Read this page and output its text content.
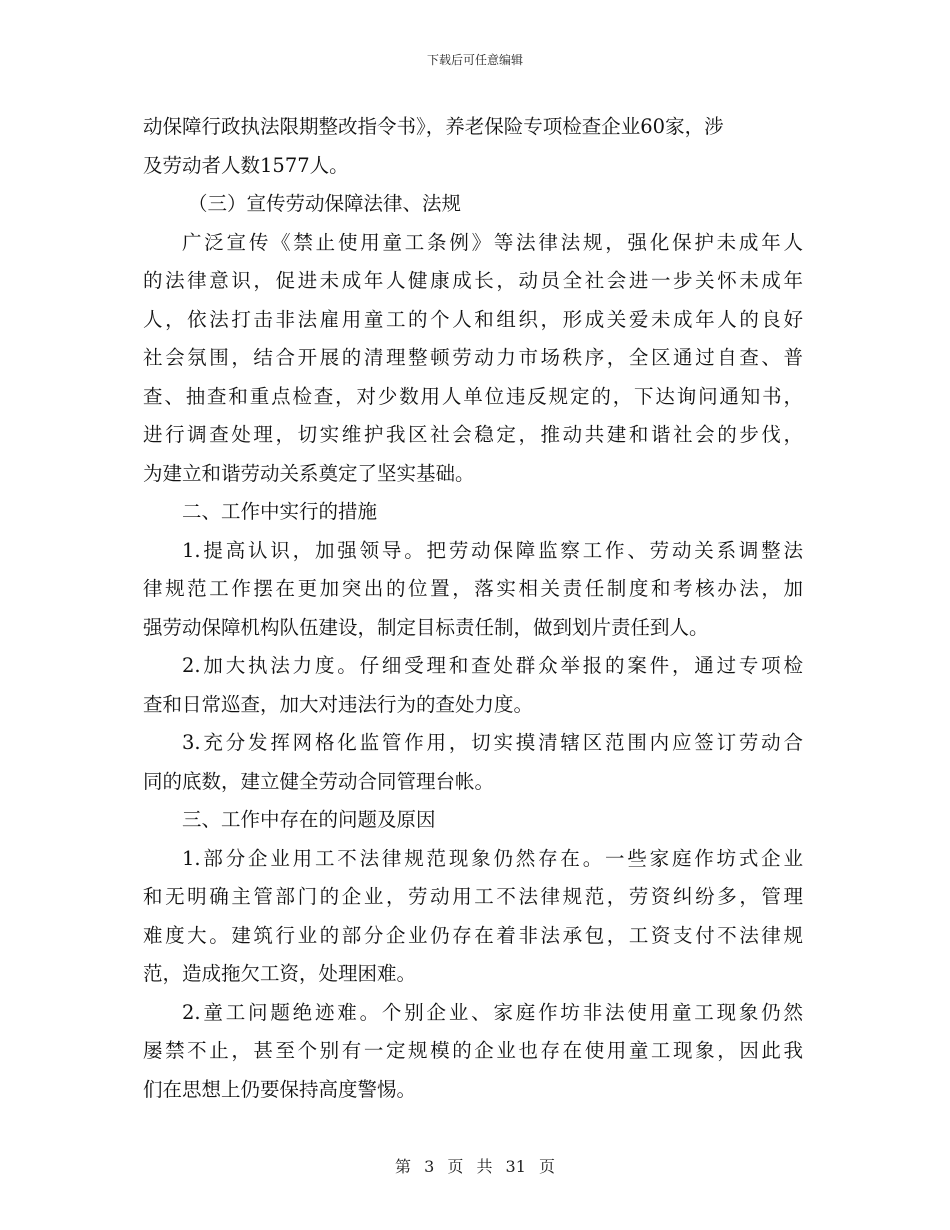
下载后可任意编辑
动保障行政执法限期整改指令书》，养老保险专项检查企业60家，涉
及劳动者人数1577人。
（三）宣传劳动保障法律、法规
广泛宣传《禁止使用童工条例》等法律法规，强化保护未成年人
的法律意识，促进未成年人健康成长，动员全社会进一步关怀未成年
人，依法打击非法雇用童工的个人和组织，形成关爱未成年人的良好
社会氛围，结合开展的清理整顿劳动力市场秩序，全区通过自查、普
查、抽查和重点检查，对少数用人单位违反规定的，下达询问通知书，
进行调查处理，切实维护我区社会稳定，推动共建和谐社会的步伐，
为建立和谐劳动关系奠定了坚实基础。
二、工作中实行的措施
1.提高认识，加强领导。把劳动保障监察工作、劳动关系调整法
律规范工作摆在更加突出的位置，落实相关责任制度和考核办法，加
强劳动保障机构队伍建设，制定目标责任制，做到划片责任到人。
2.加大执法力度。仔细受理和查处群众举报的案件，通过专项检
查和日常巡查，加大对违法行为的查处力度。
3.充分发挥网格化监管作用，切实摸清辖区范围内应签订劳动合
同的底数，建立健全劳动合同管理台帐。
三、工作中存在的问题及原因
1.部分企业用工不法律规范现象仍然存在。一些家庭作坊式企业
和无明确主管部门的企业，劳动用工不法律规范，劳资纠纷多，管理
难度大。建筑行业的部分企业仍存在着非法承包，工资支付不法律规
范，造成拖欠工资，处理困难。
2.童工问题绝迹难。个别企业、家庭作坊非法使用童工现象仍然
屡禁不止，甚至个别有一定规模的企业也存在使用童工现象，因此我
们在思想上仍要保持高度警惕。
第 3 页 共 31 页
